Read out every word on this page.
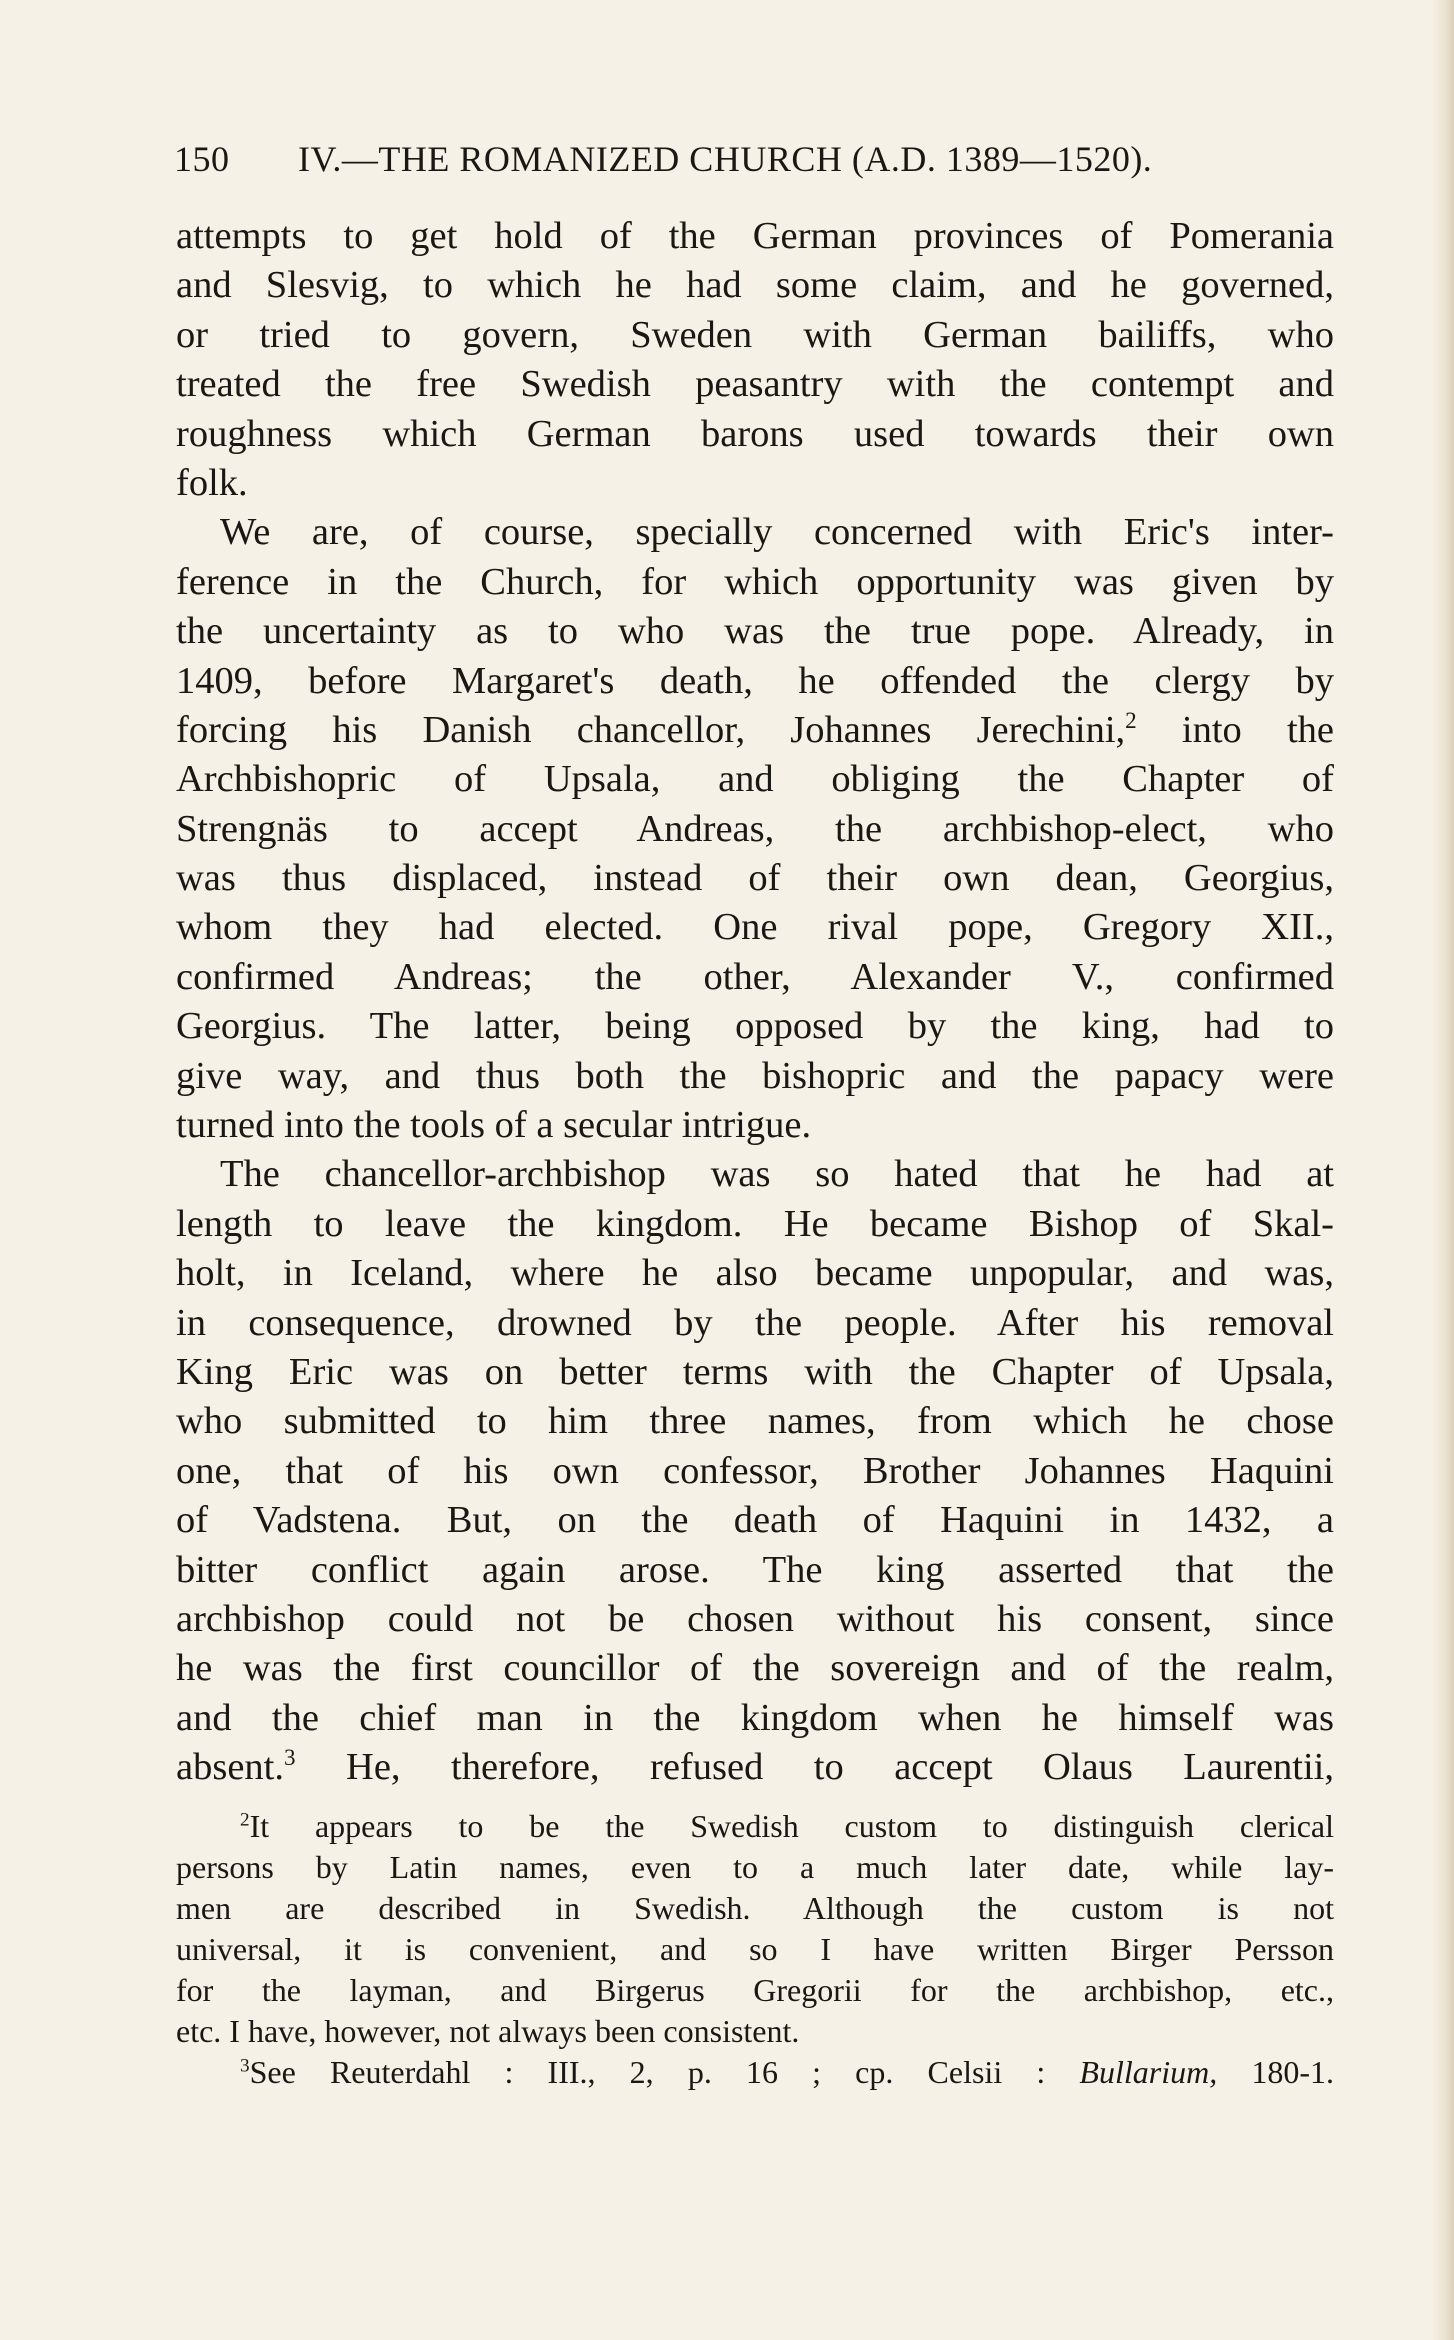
150 IV.—THE ROMANIZED CHURCH (A.D. 1389—1520).
attempts to get hold of the German provinces of Pomerania
and Slesvig, to which he had some claim, and he governed,
or tried to govern, Sweden with German bailiffs, who
treated the free Swedish peasantry with the contempt and
roughness which German barons used towards their own
folk.
We are, of course, specially concerned with Eric's inter-
ference in the Church, for which opportunity was given by
the uncertainty as to who was the true pope. Already, in
1409, before Margaret's death, he offended the clergy by
forcing his Danish chancellor, Johannes Jerechini,$^2$ into the
Archbishopric of Upsala, and obliging the Chapter of
Strengnäs to accept Andreas, the archbishop-elect, who
was thus displaced, instead of their own dean, Georgius,
whom they had elected. One rival pope, Gregory XII.,
confirmed Andreas; the other, Alexander V., confirmed
Georgius. The latter, being opposed by the king, had to
give way, and thus both the bishopric and the papacy were
turned into the tools of a secular intrigue.
The chancellor-archbishop was so hated that he had at
length to leave the kingdom. He became Bishop of Skal-
holt, in Iceland, where he also became unpopular, and was,
in consequence, drowned by the people. After his removal
King Eric was on better terms with the Chapter of Upsala,
who submitted to him three names, from which he chose
one, that of his own confessor, Brother Johannes Haquini
of Vadstena. But, on the death of Haquini in 1432, a
bitter conflict again arose. The king asserted that the
archbishop could not be chosen without his consent, since
he was the first councillor of the sovereign and of the realm,
and the chief man in the kingdom when he himself was
absent.$^3$ He, therefore, refused to accept Olaus Laurentii,
$^2$It appears to be the Swedish custom to distinguish clerical
persons by Latin names, even to a much later date, while lay-
men are described in Swedish. Although the custom is not
universal, it is convenient, and so I have written Birger Persson
for the layman, and Birgerus Gregorii for the archbishop, etc.,
etc. I have, however, not always been consistent.
$^3$See Reuterdahl : III., 2, p. 16 ; cp. Celsii : Bullarium, 180-1.
